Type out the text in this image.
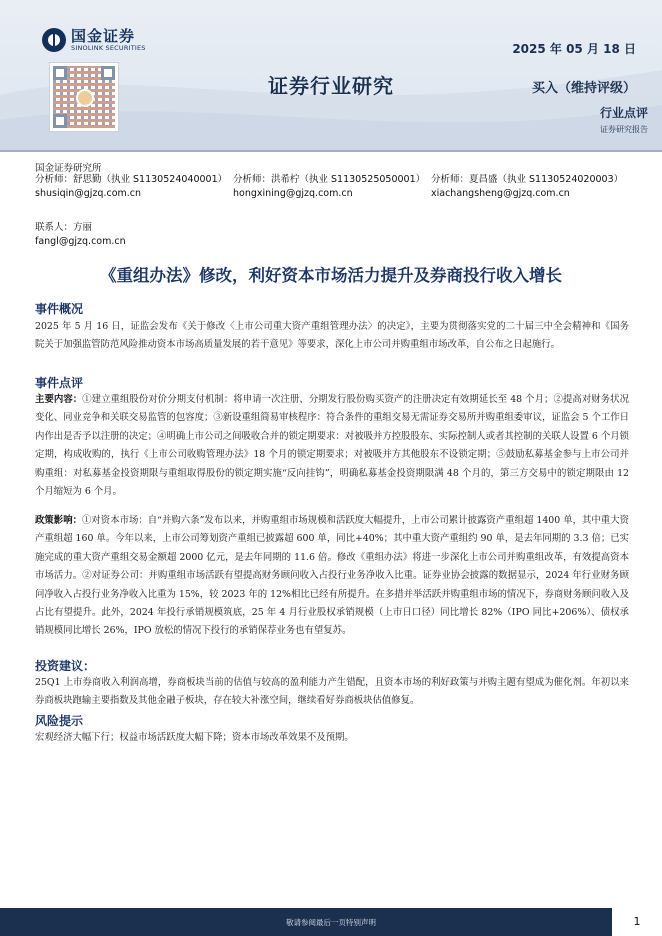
国金证券
SINOLINK SECURITIES	2025 年 05 月 18 日
证券行业研究	买入（维持评级）
行业点评
证券研究报告
国金证券研究所
分析师：舒思勤（执业 S1130524040001）
shusiqin@gjzq.com.cn
分析师：洪希柠（执业 S1130525050001）
hongxining@gjzq.com.cn
分析师：夏昌盛（执业 S1130524020003）
xiachangsheng@gjzq.com.cn
联系人：方丽
fangl@gjzq.com.cn
《重组办法》修改，利好资本市场活力提升及券商投行收入增长
事件概况
2025 年 5 月 16 日，证监会发布《关于修改〈上市公司重大资产重组管理办法〉的决定》，主要为贯彻落实党的二十届三中全会精神和《国务院关于加强监管防范风险推动资本市场高质量发展的若干意见》等要求，深化上市公司并购重组市场改革，自公布之日起施行。
事件点评
主要内容：①建立重组股份对价分期支付机制：将申请一次注册、分期发行股份购买资产的注册决定有效期延长至 48 个月；②提高对财务状况变化、同业竞争和关联交易监管的包容度；③新设重组简易审核程序：符合条件的重组交易无需证券交易所并购重组委审议，证监会 5 个工作日内作出是否予以注册的决定；④明确上市公司之间吸收合并的锁定期要求：对被吸并方控股股东、实际控制人或者其控制的关联人设置 6 个月锁定期，构成收购的，执行《上市公司收购管理办法》18 个月的锁定期要求；对被吸并方其他股东不设锁定期；⑤鼓励私募基金参与上市公司并购重组：对私募基金投资期限与重组取得股份的锁定期实施“反向挂钩”，明确私募基金投资期限满 48 个月的，第三方交易中的锁定期限由 12 个月缩短为 6 个月。
政策影响：①对资本市场：自“并购六条”发布以来，并购重组市场规模和活跃度大幅提升，上市公司累计披露资产重组超 1400 单，其中重大资产重组超 160 单。今年以来，上市公司筹划资产重组已披露超 600 单，同比+40%；其中重大资产重组约 90 单，是去年同期的 3.3 倍；已实施完成的重大资产重组交易金额超 2000 亿元，是去年同期的 11.6 倍。修改《重组办法》将进一步深化上市公司并购重组改革，有效提高资本市场活力。②对证券公司：并购重组市场活跃有望提高财务顾问收入占投行业务净收入比重。证券业协会披露的数据显示，2024 年行业财务顾问净收入占投行业务净收入比重为 15%，较 2023 年的 12%相比已经有所提升。在多措并举活跃并购重组市场的情况下，券商财务顾问收入及占比有望提升。此外，2024 年投行承销规模筑底，25 年 4 月行业股权承销规模（上市日口径）同比增长 82%（IPO 同比+206%）、债权承销规模同比增长 26%，IPO 放松的情况下投行的承销保荐业务也有望复苏。
投资建议：
25Q1 上市券商收入利润高增，券商板块当前的估值与较高的盈利能力产生错配，且资本市场的利好政策与并购主题有望成为催化剂。年初以来券商板块跑输主要指数及其他金融子板块，存在较大补涨空间，继续看好券商板块估值修复。
风险提示
宏观经济大幅下行；权益市场活跃度大幅下降；资本市场改革效果不及预期。
敬请参阅最后一页特别声明	1
